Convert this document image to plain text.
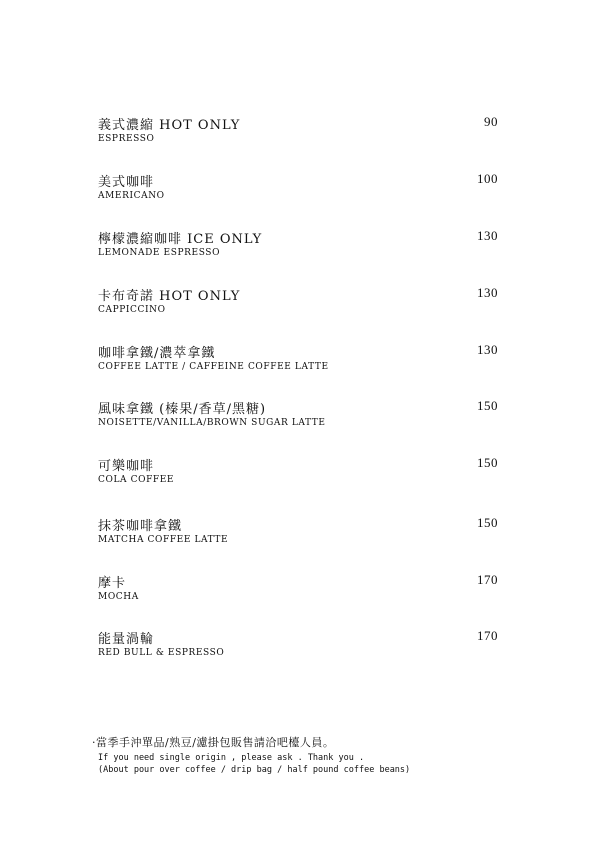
義式濃縮 HOT ONLY
ESPRESSO
90
美式咖啡
AMERICANO
100
檸檬濃縮咖啡 ICE ONLY
LEMONADE ESPRESSO
130
卡布奇諾 HOT ONLY
CAPPICCINO
130
咖啡拿鐵/濃萃拿鐵
COFFEE LATTE / CAFFEINE COFFEE LATTE
130
風味拿鐵 (榛果/香草/黑糖)
NOISETTE/VANILLA/BROWN SUGAR LATTE
150
可樂咖啡
COLA COFFEE
150
抹茶咖啡拿鐵
MATCHA COFFEE LATTE
150
摩卡
MOCHA
170
能量渦輪
RED BULL & ESPRESSO
170
·當季手沖單品/熟豆/濾掛包販售請洽吧檯人員。
If you need single origin , please ask . Thank you .
(About pour over coffee / drip bag / half pound coffee beans)
